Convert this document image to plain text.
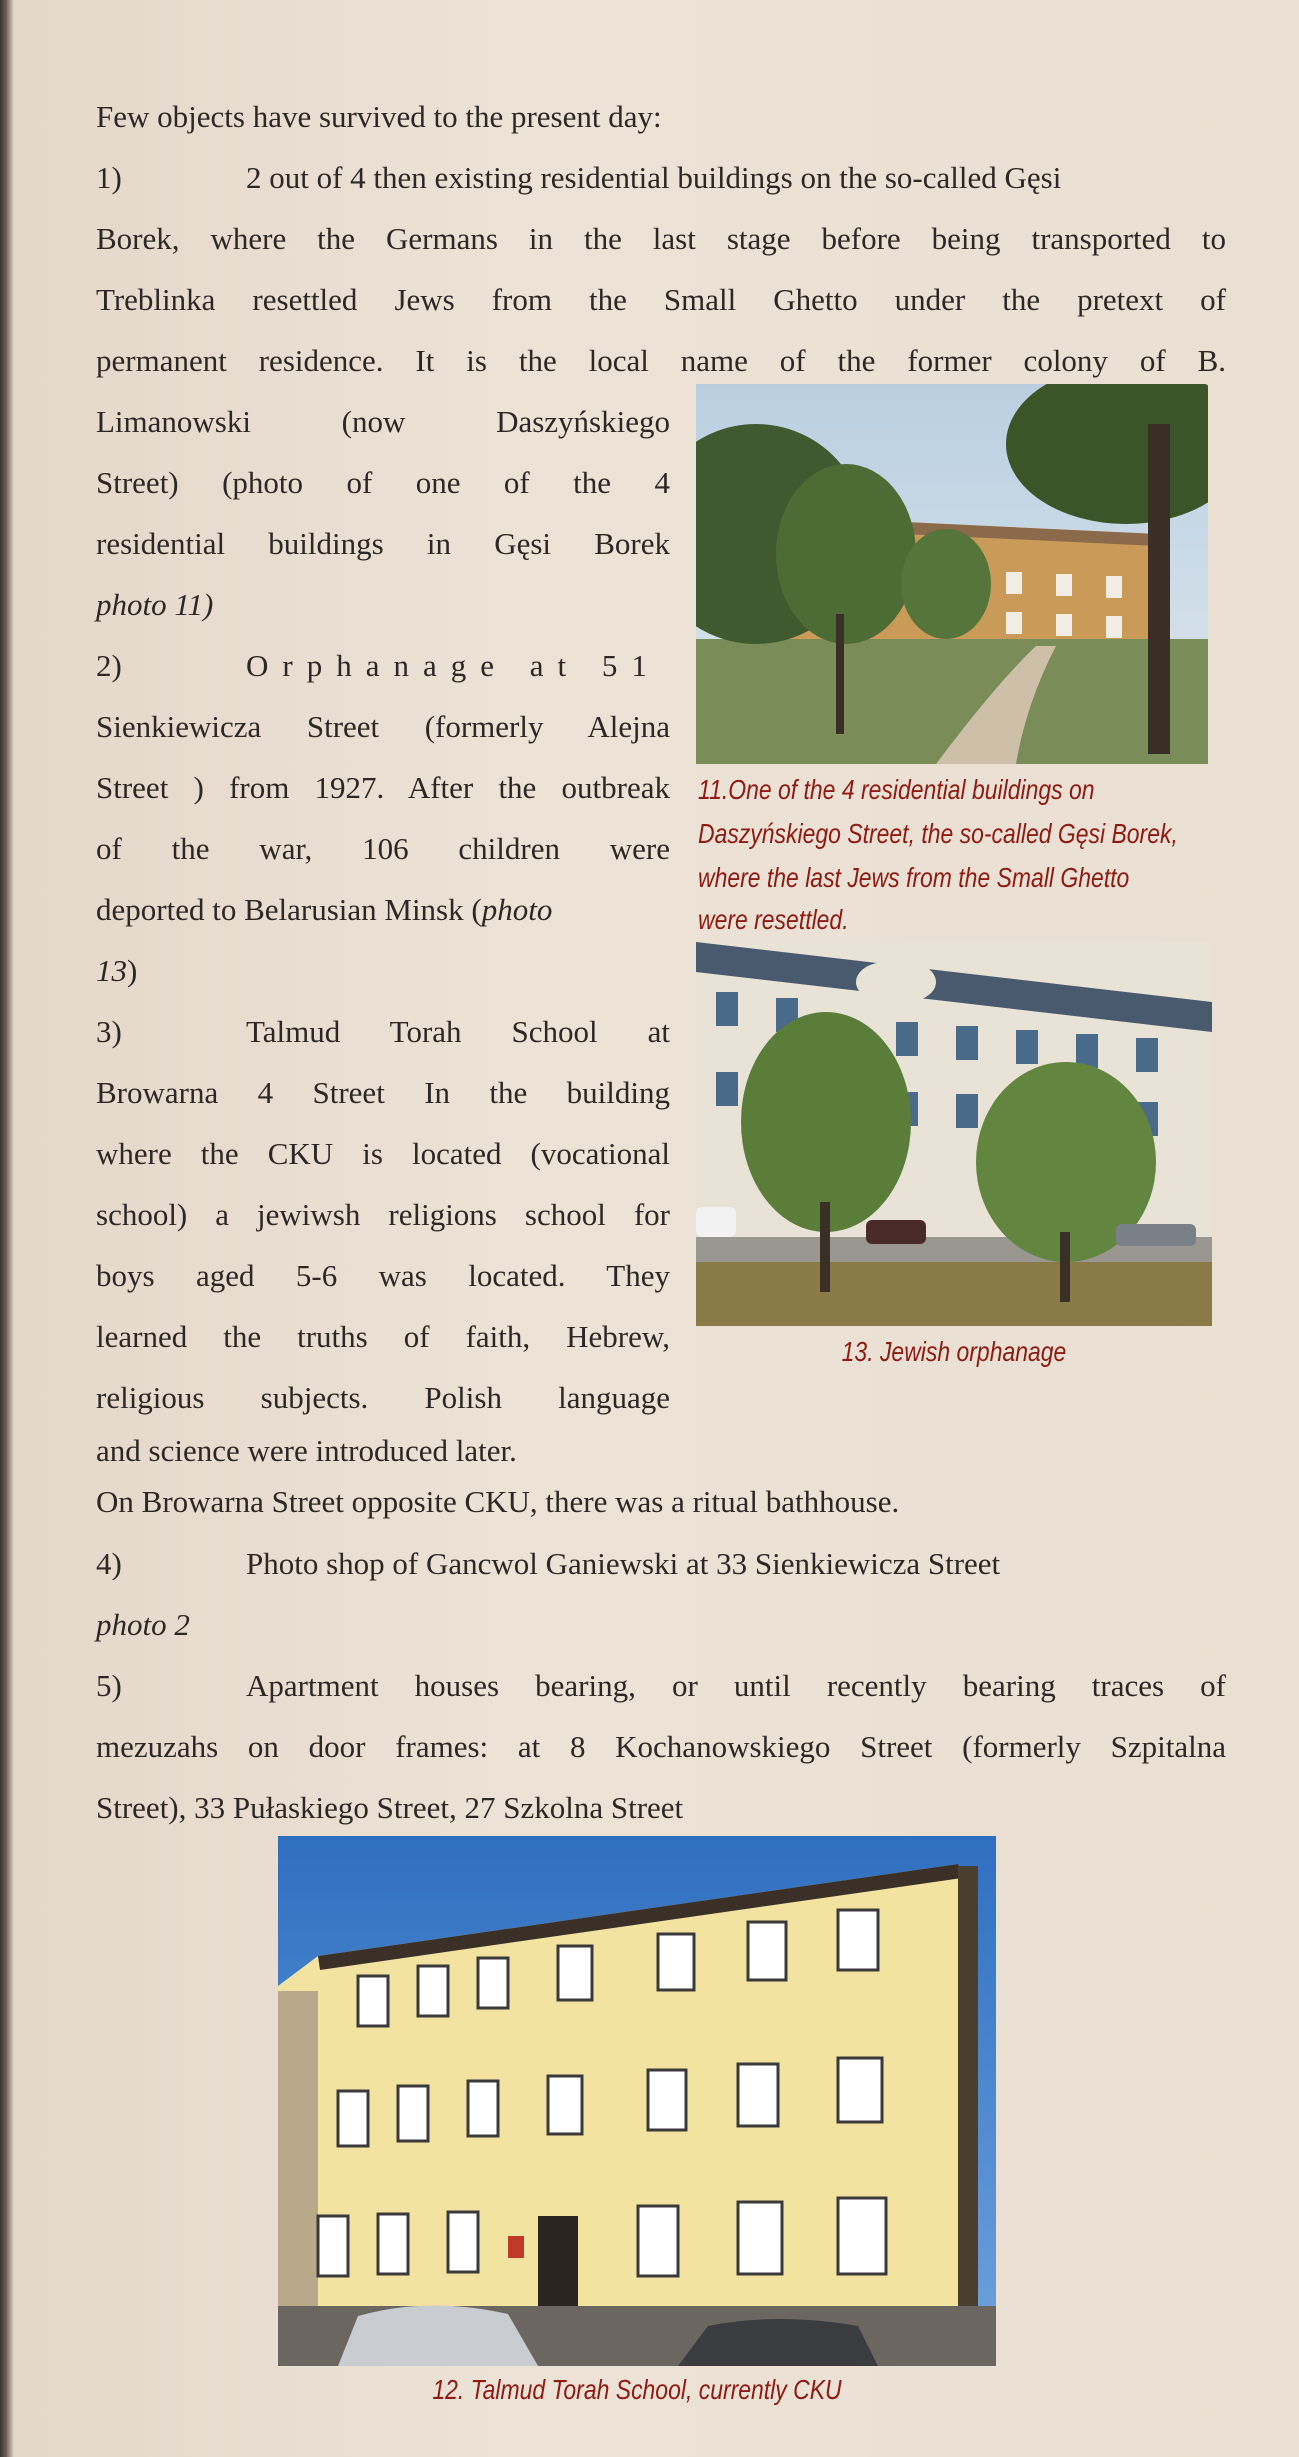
Few objects have survived to the present day:
1)	2 out of 4 then existing residential buildings on the so-called Gęsi
Borek, where the Germans in the last stage before being transported to
Treblinka resettled Jews from the Small Ghetto under the pretext of
permanent residence. It is the local name of the former colony of B.
Limanowski (now Daszyńskiego
Street) (photo of one of the 4
residential buildings in Gęsi Borek
photo 11)
2)	Orphanage at 51
Sienkiewicza Street (formerly Alejna
Street ) from 1927. After the outbreak
of the war, 106 children were
deported to Belarusian Minsk (photo
13)
3)	Talmud Torah School at
Browarna 4 Street In the building
where the CKU is located (vocational
school) a jewiwsh religions school for
boys aged 5-6 was located. They
learned the truths of faith, Hebrew,
religious subjects. Polish language
and science were introduced later.
On Browarna Street opposite CKU, there was a ritual bathhouse.
4)	Photo shop of Gancwol Ganiewski at 33 Sienkiewicza Street
photo 2
5)	Apartment houses bearing, or until recently bearing traces of
mezuzahs on door frames: at 8 Kochanowskiego Street (formerly Szpitalna
Street), 33 Pułaskiego Street, 27 Szkolna Street
11.One of the 4 residential buildings on
Daszyńskiego Street, the so-called Gęsi Borek,
where the last Jews from the Small Ghetto
were resettled.
13. Jewish orphanage
12. Talmud Torah School, currently CKU
